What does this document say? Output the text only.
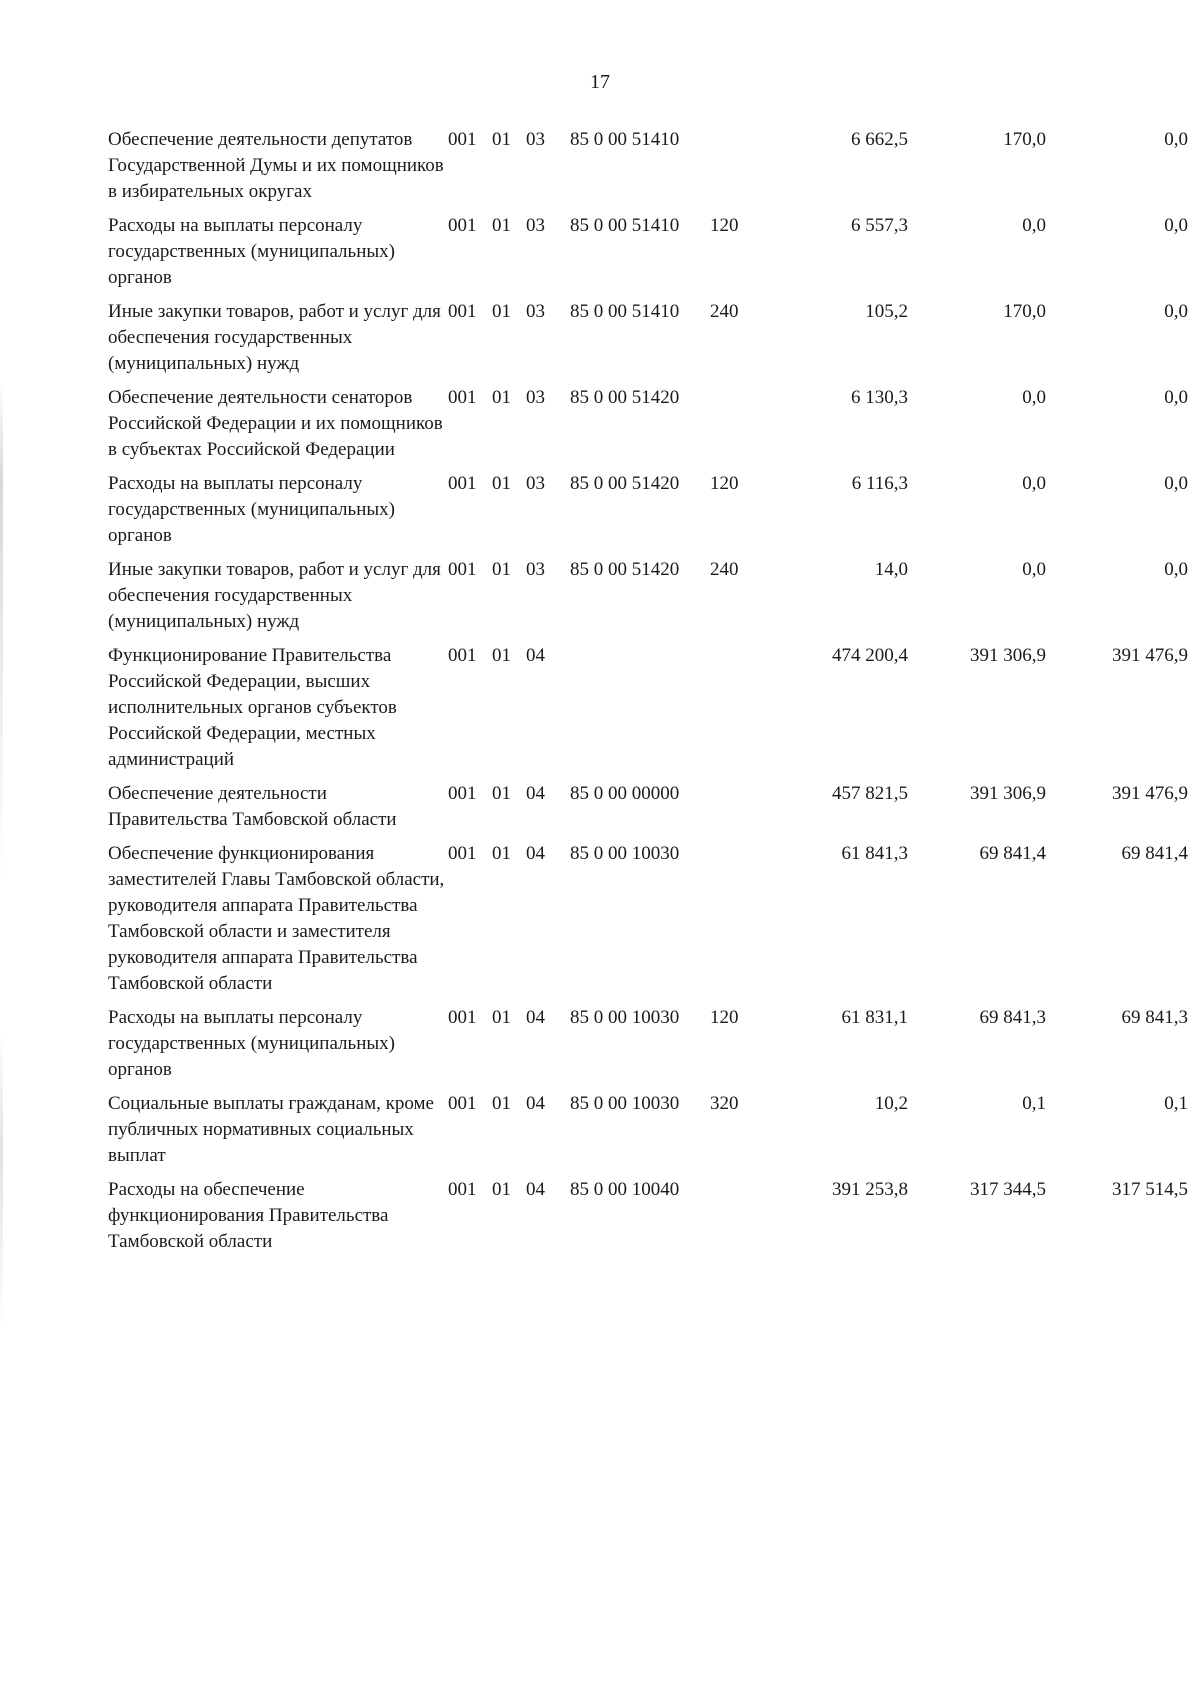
17
Обеспечение деятельности депутатов Государственной Думы и их помощников в избирательных округах	001	01	03	85 0 00 51410		6 662,5	170,0	0,0
Расходы на выплаты персоналу государственных (муниципальных) органов	001	01	03	85 0 00 51410	120	6 557,3	0,0	0,0
Иные закупки товаров, работ и услуг для обеспечения государственных (муниципальных) нужд	001	01	03	85 0 00 51410	240	105,2	170,0	0,0
Обеспечение деятельности сенаторов Российской Федерации и их помощников в субъектах Российской Федерации	001	01	03	85 0 00 51420		6 130,3	0,0	0,0
Расходы на выплаты персоналу государственных (муниципальных) органов	001	01	03	85 0 00 51420	120	6 116,3	0,0	0,0
Иные закупки товаров, работ и услуг для обеспечения государственных (муниципальных) нужд	001	01	03	85 0 00 51420	240	14,0	0,0	0,0
Функционирование Правительства Российской Федерации, высших исполнительных органов субъектов Российской Федерации, местных администраций	001	01	04			474 200,4	391 306,9	391 476,9
Обеспечение деятельности Правительства Тамбовской области	001	01	04	85 0 00 00000		457 821,5	391 306,9	391 476,9
Обеспечение функционирования заместителей Главы Тамбовской области, руководителя аппарата Правительства Тамбовской области и заместителя руководителя аппарата Правительства Тамбовской области	001	01	04	85 0 00 10030		61 841,3	69 841,4	69 841,4
Расходы на выплаты персоналу государственных (муниципальных) органов	001	01	04	85 0 00 10030	120	61 831,1	69 841,3	69 841,3
Социальные выплаты гражданам, кроме публичных нормативных социальных выплат	001	01	04	85 0 00 10030	320	10,2	0,1	0,1
Расходы на обеспечение функционирования Правительства Тамбовской области	001	01	04	85 0 00 10040		391 253,8	317 344,5	317 514,5
